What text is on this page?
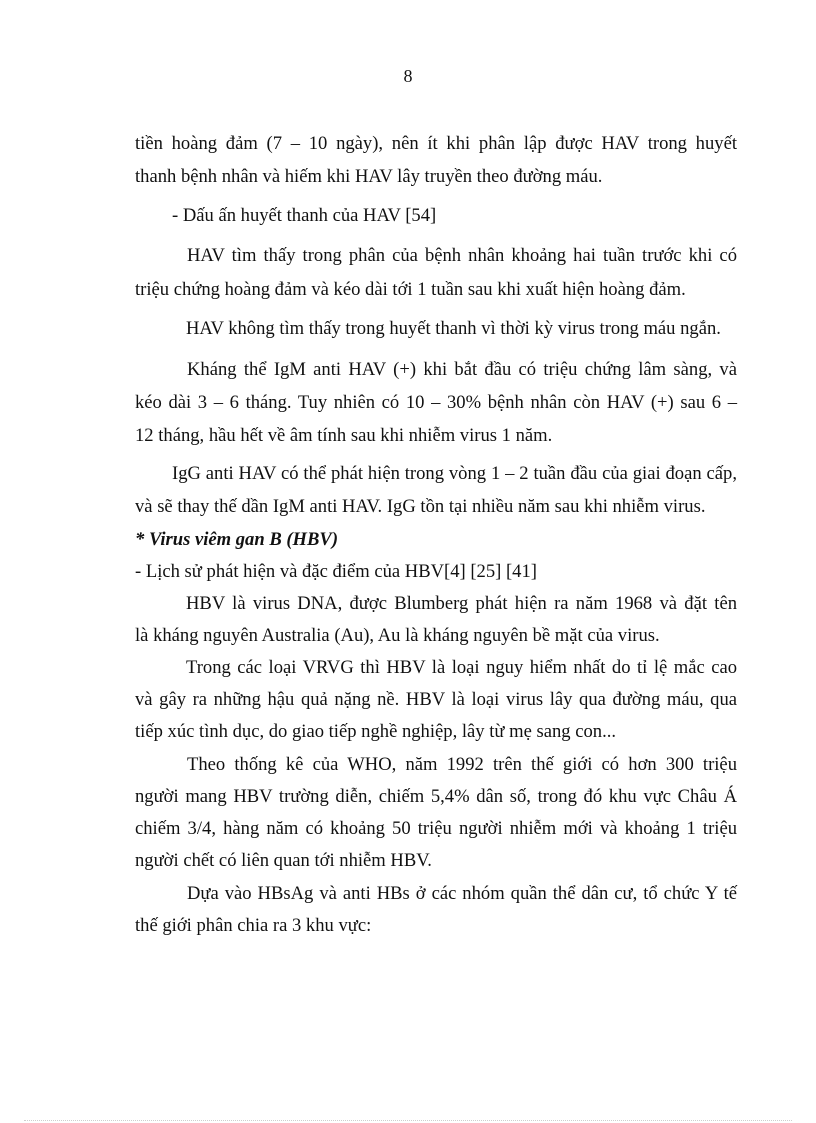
8
tiền hoàng đảm (7 – 10 ngày), nên ít khi phân lập được HAV trong huyết
thanh bệnh nhân và hiếm khi HAV lây truyền theo đường máu.
- Dấu ấn huyết thanh của HAV [54]
HAV tìm thấy trong phân của bệnh nhân khoảng hai tuần trước khi có
triệu chứng hoàng đảm và kéo dài tới 1 tuần sau khi xuất hiện hoàng đảm.
HAV không tìm thấy trong huyết thanh vì thời kỳ virus trong máu ngắn.
Kháng thể IgM anti HAV (+) khi bắt đầu có triệu chứng lâm sàng, và
kéo dài 3 – 6 tháng. Tuy nhiên có 10 – 30% bệnh nhân còn HAV (+) sau 6 –
12 tháng, hầu hết về âm tính sau khi nhiễm virus 1 năm.
IgG anti HAV có thể phát hiện trong vòng 1 – 2 tuần đầu của giai đoạn cấp,
và sẽ thay thế dần IgM anti HAV. IgG tồn tại nhiều năm sau khi nhiễm virus.
* Virus viêm gan B (HBV)
- Lịch sử phát hiện và đặc điểm của HBV[4] [25] [41]
HBV là virus DNA, được Blumberg phát hiện ra năm 1968 và đặt tên
là kháng nguyên Australia (Au), Au là kháng nguyên bề mặt của virus.
Trong các loại VRVG thì HBV là loại nguy hiểm nhất do tỉ lệ mắc cao
và gây ra những hậu quả nặng nề. HBV là loại virus lây qua đường máu, qua
tiếp xúc tình dục, do giao tiếp nghề nghiệp, lây từ mẹ sang con...
Theo thống kê của WHO, năm 1992 trên thế giới có hơn 300 triệu
người mang HBV trường diễn, chiếm 5,4% dân số, trong đó khu vực Châu Á
chiếm 3/4, hàng năm có khoảng 50 triệu người nhiễm mới và khoảng 1 triệu
người chết có liên quan tới nhiễm HBV.
Dựa vào HBsAg và anti HBs ở các nhóm quần thể dân cư, tổ chức Y tế
thế giới phân chia ra 3 khu vực:
